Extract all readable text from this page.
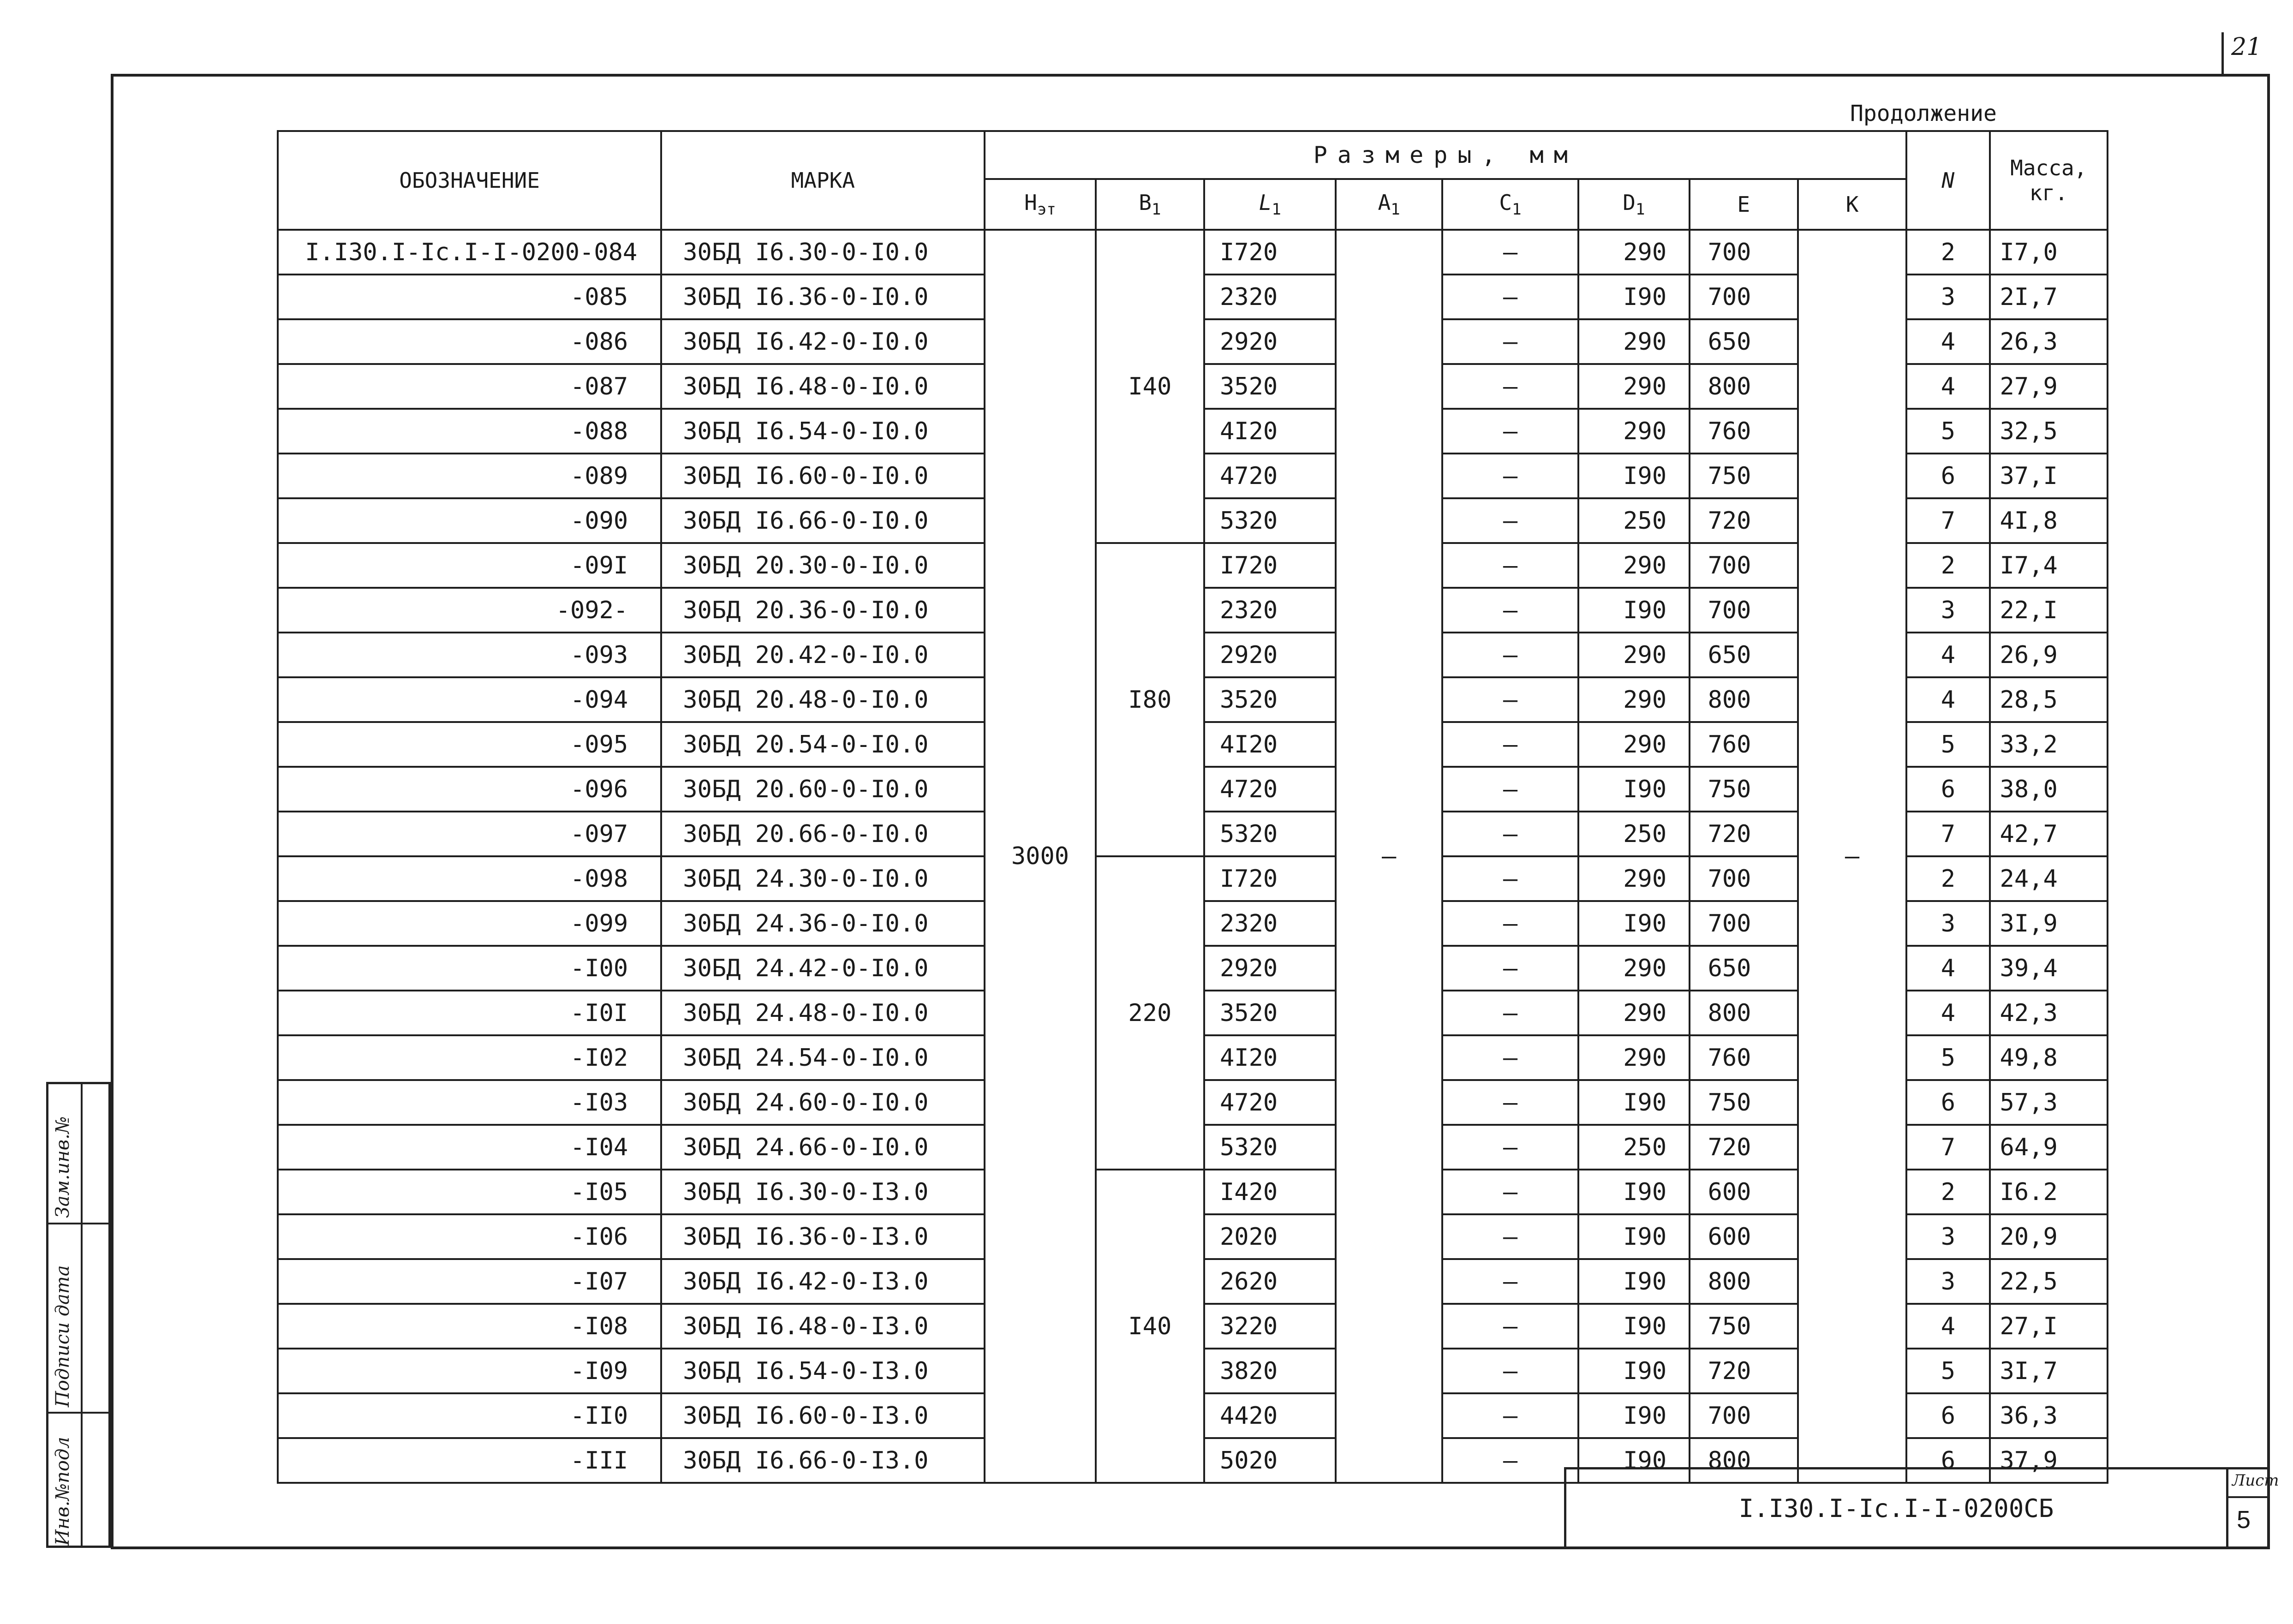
21
Продолжение
ОБОЗНАЧЕНИЕ	МАРКА	Размеры, мм								N	Масса, кг.
		$Н_{эт}$	$В_1$	$L_1$	$А_1$	$С_1$	$D_1$	Е	К		
I.I30.I-Ic.I-I-0200-084	30БД I6.30-0-I0.0	3000	I40	I720	–	–	290	700	–	2	I7,0
-085	30БД I6.36-0-I0.0			2320		–	I90	700		3	2I,7
-086	30БД I6.42-0-I0.0			2920		–	290	650		4	26,3
-087	30БД I6.48-0-I0.0			3520		–	290	800		4	27,9
-088	30БД I6.54-0-I0.0			4I20		–	290	760		5	32,5
-089	30БД I6.60-0-I0.0			4720		–	I90	750		6	37,I
-090	30БД I6.66-0-I0.0			5320		–	250	720		7	4I,8
-09I	30БД 20.30-0-I0.0		I80	I720		–	290	700		2	I7,4
-092-	30БД 20.36-0-I0.0			2320		–	I90	700		3	22,I
-093	30БД 20.42-0-I0.0			2920		–	290	650		4	26,9
-094	30БД 20.48-0-I0.0			3520		–	290	800		4	28,5
-095	30БД 20.54-0-I0.0			4I20		–	290	760		5	33,2
-096	30БД 20.60-0-I0.0			4720		–	I90	750		6	38,0
-097	30БД 20.66-0-I0.0			5320		–	250	720		7	42,7
-098	30БД 24.30-0-I0.0		220	I720		–	290	700		2	24,4
-099	30БД 24.36-0-I0.0			2320		–	I90	700		3	3I,9
-I00	30БД 24.42-0-I0.0			2920		–	290	650		4	39,4
-I0I	30БД 24.48-0-I0.0			3520		–	290	800		4	42,3
-I02	30БД 24.54-0-I0.0			4I20		–	290	760		5	49,8
-I03	30БД 24.60-0-I0.0			4720		–	I90	750		6	57,3
-I04	30БД 24.66-0-I0.0			5320		–	250	720		7	64,9
-I05	30БД I6.30-0-I3.0		I40	I420		–	I90	600		2	I6.2
-I06	30БД I6.36-0-I3.0			2020		–	I90	600		3	20,9
-I07	30БД I6.42-0-I3.0			2620		–	I90	800		3	22,5
-I08	30БД I6.48-0-I3.0			3220		–	I90	750		4	27,I
-I09	30БД I6.54-0-I3.0			3820		–	I90	720		5	3I,7
-II0	30БД I6.60-0-I3.0			4420		–	I90	700		6	36,3
-III	30БД I6.66-0-I3.0			5020		–	I90	800		6	37,9
Зам.инв.№
Подписи дата
Инв.№подл	I.I30.I-Ic.I-I-0200СБ
Лист
5
